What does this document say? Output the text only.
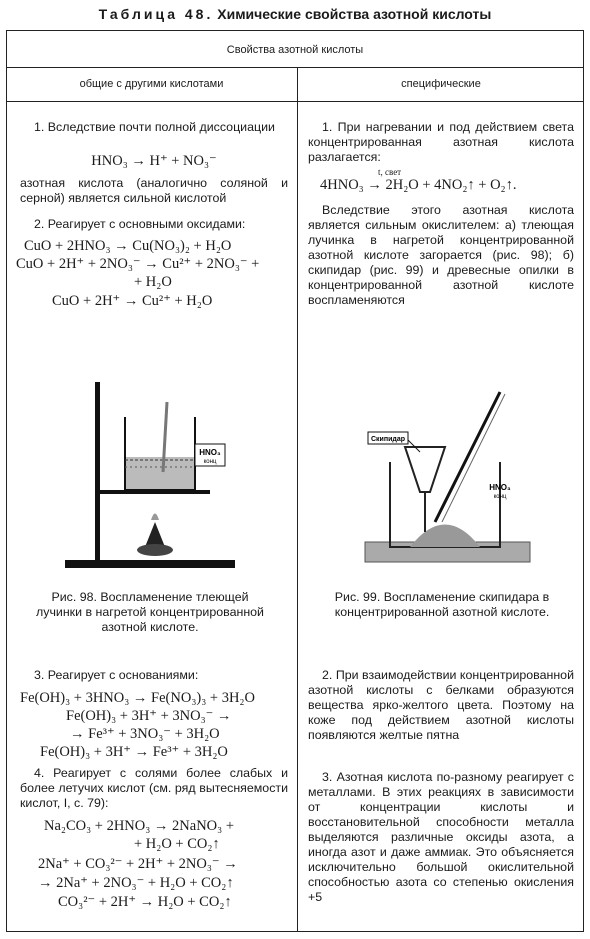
Таблица 48. Химические свойства азотной кислоты
Свойства азотной кислоты
общие с другими кислотами	специфические
1. Вследствие почти полной диссоциации
HNO₃ → H⁺ + NO₃⁻
азотная кислота (аналогично соляной и серной) является сильной кислотой
2. Реагирует с основными оксидами:
CuO + 2HNO₃ → Cu(NO₃)₂ + H₂O
CuO + 2H⁺ + 2NO₃⁻ → Cu²⁺ + 2NO₃⁻ +
+ H₂O
CuO + 2H⁺ → Cu²⁺ + H₂O
HNO₃
конц
Рис. 98. Воспламенение тлеющей лучинки в нагретой концентрированной азотной кислоте.
3. Реагирует с основаниями:
Fe(OH)₃ + 3HNO₃ → Fe(NO₃)₃ + 3H₂O
Fe(OH)₃ + 3H⁺ + 3NO₃⁻ →
→ Fe³⁺ + 3NO₃⁻ + 3H₂O
Fe(OH)₃ + 3H⁺ → Fe³⁺ + 3H₂O
4. Реагирует с солями более слабых и более летучих кислот (см. ряд вытесняемости кислот, I, с. 79):
Na₂CO₃ + 2HNO₃ → 2NaNO₃ +
+ H₂O + CO₂↑
2Na⁺ + CO₃²⁻ + 2H⁺ + 2NO₃⁻ →
→ 2Na⁺ + 2NO₃⁻ + H₂O + CO₂↑
CO₃²⁻ + 2H⁺ → H₂O + CO₂↑
1. При нагревании и под действием света концентрированная азотная кислота разлагается:
t, свет
4HNO₃ → 2H₂O + 4NO₂↑ + O₂↑.
Вследствие этого азотная кислота является сильным окислителем: а) тлеющая лучинка в нагретой концентрированной азотной кислоте загорается (рис. 98); б) скипидар (рис. 99) и древесные опилки в концентрированной азотной кислоте воспламеняются
Скипидар
HNO₃
конц
Рис. 99. Воспламенение скипидара в концентрированной азотной кислоте.
2. При взаимодействии концентрированной азотной кислоты с белками образуются вещества ярко-желтого цвета. Поэтому на коже под действием азотной кислоты появляются желтые пятна
3. Азотная кислота по-разному реагирует с металлами. В этих реакциях в зависимости от концентрации кислоты и восстановительной способности металла выделяются различные оксиды азота, а иногда азот и даже аммиак. Это объясняется исключительно большой окислительной способностью азота со степенью окисления +5
